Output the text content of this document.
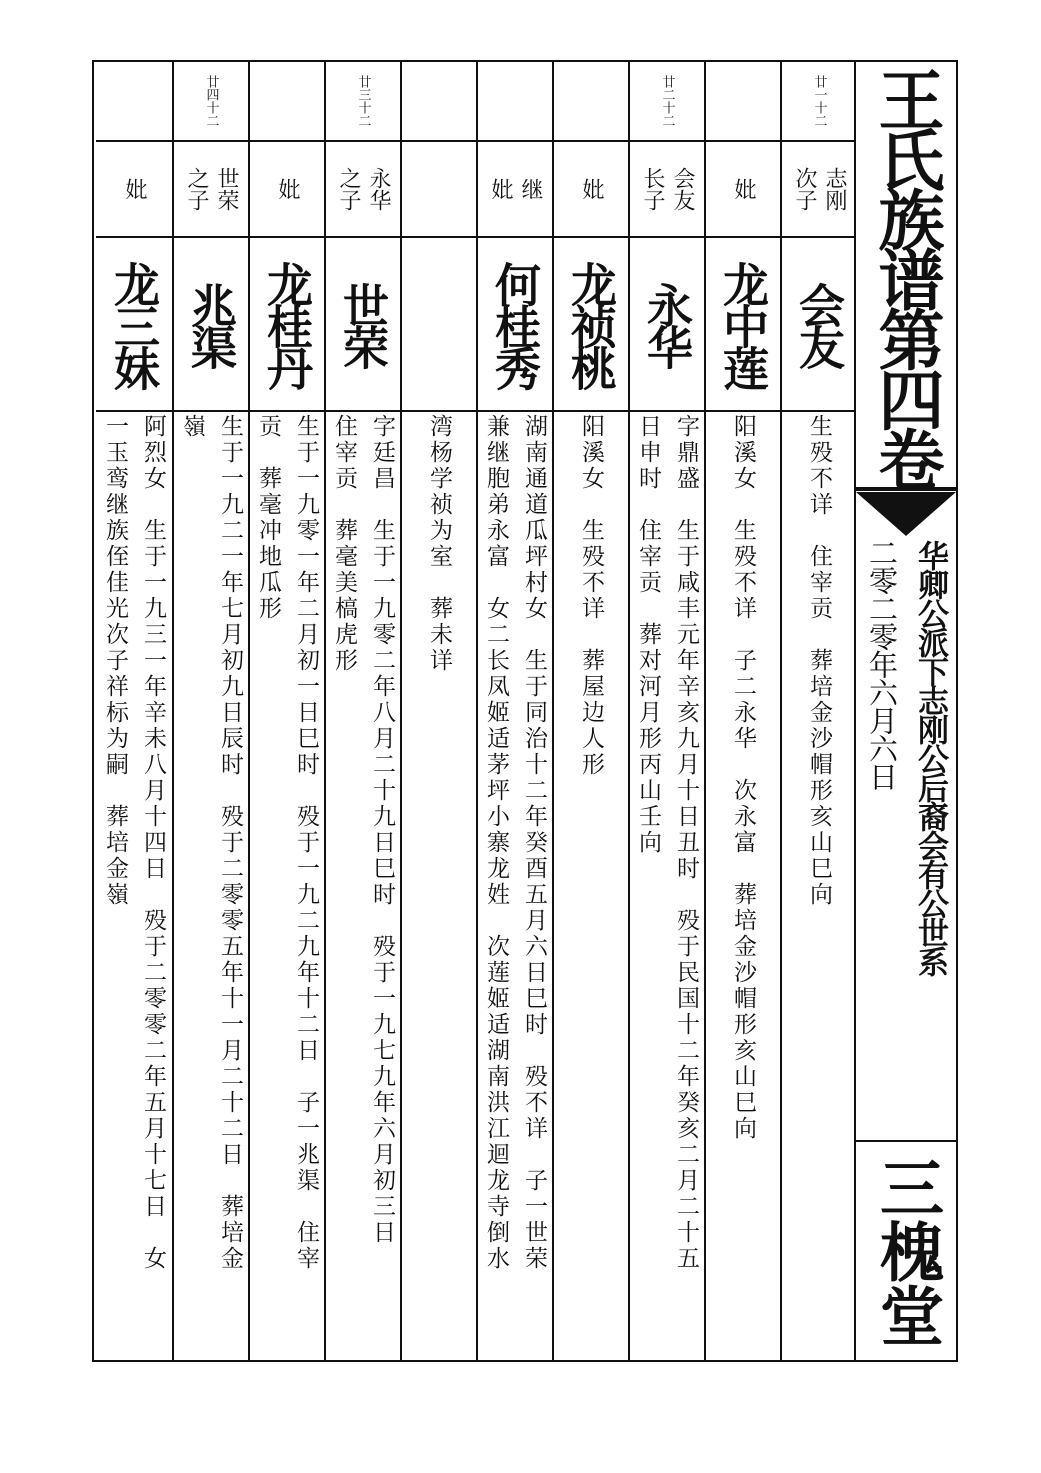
王氏族谱第四卷
华卿公派下志刚公后裔会有公世系
二零二零年六月六日
三槐堂
廿一十二
志刚
次子
会友
生殁不详　住宰贡　葬培金沙帽形亥山巳向
妣
龙中莲
阳溪女　生殁不详　子二永华　次永富　葬培金沙帽形亥山巳向
廿二十二
会友
长子
永华
字鼎盛　生于咸丰元年辛亥九月十日丑时　殁于民国十二年癸亥二月二十五
日申时　住宰贡　葬对河月形丙山壬向
妣
龙祯桃
阳溪女　生殁不详　葬屋边人形
继
妣
何桂秀
湖南通道瓜坪村女　生于同治十二年癸酉五月六日巳时　殁不详　子一世荣
兼继胞弟永富　女二长凤姬适茅坪小寨龙姓　次莲姬适湖南洪江迴龙寺倒水
湾杨学祯为室　葬未详
廿三十二
永华
之子
世荣
字廷昌　生于一九零二年八月二十九日巳时　殁于一九七九年六月初三日
住宰贡　葬毫美槁虎形
妣
龙桂丹
生于一九零一年二月初一日巳时　殁于一九二九年十二日　子一兆渠　住宰
贡　葬毫冲地瓜形
廿四十二
世荣
之子
兆渠
生于一九二一年七月初九日辰时　殁于二零零五年十一月二十二日　葬培金
嶺
妣
龙三妹
阿烈女　生于一九三一年辛未八月十四日　殁于二零零二年五月十七日　女
一玉鸾继族侄佳光次子祥标为嗣　葬培金嶺
